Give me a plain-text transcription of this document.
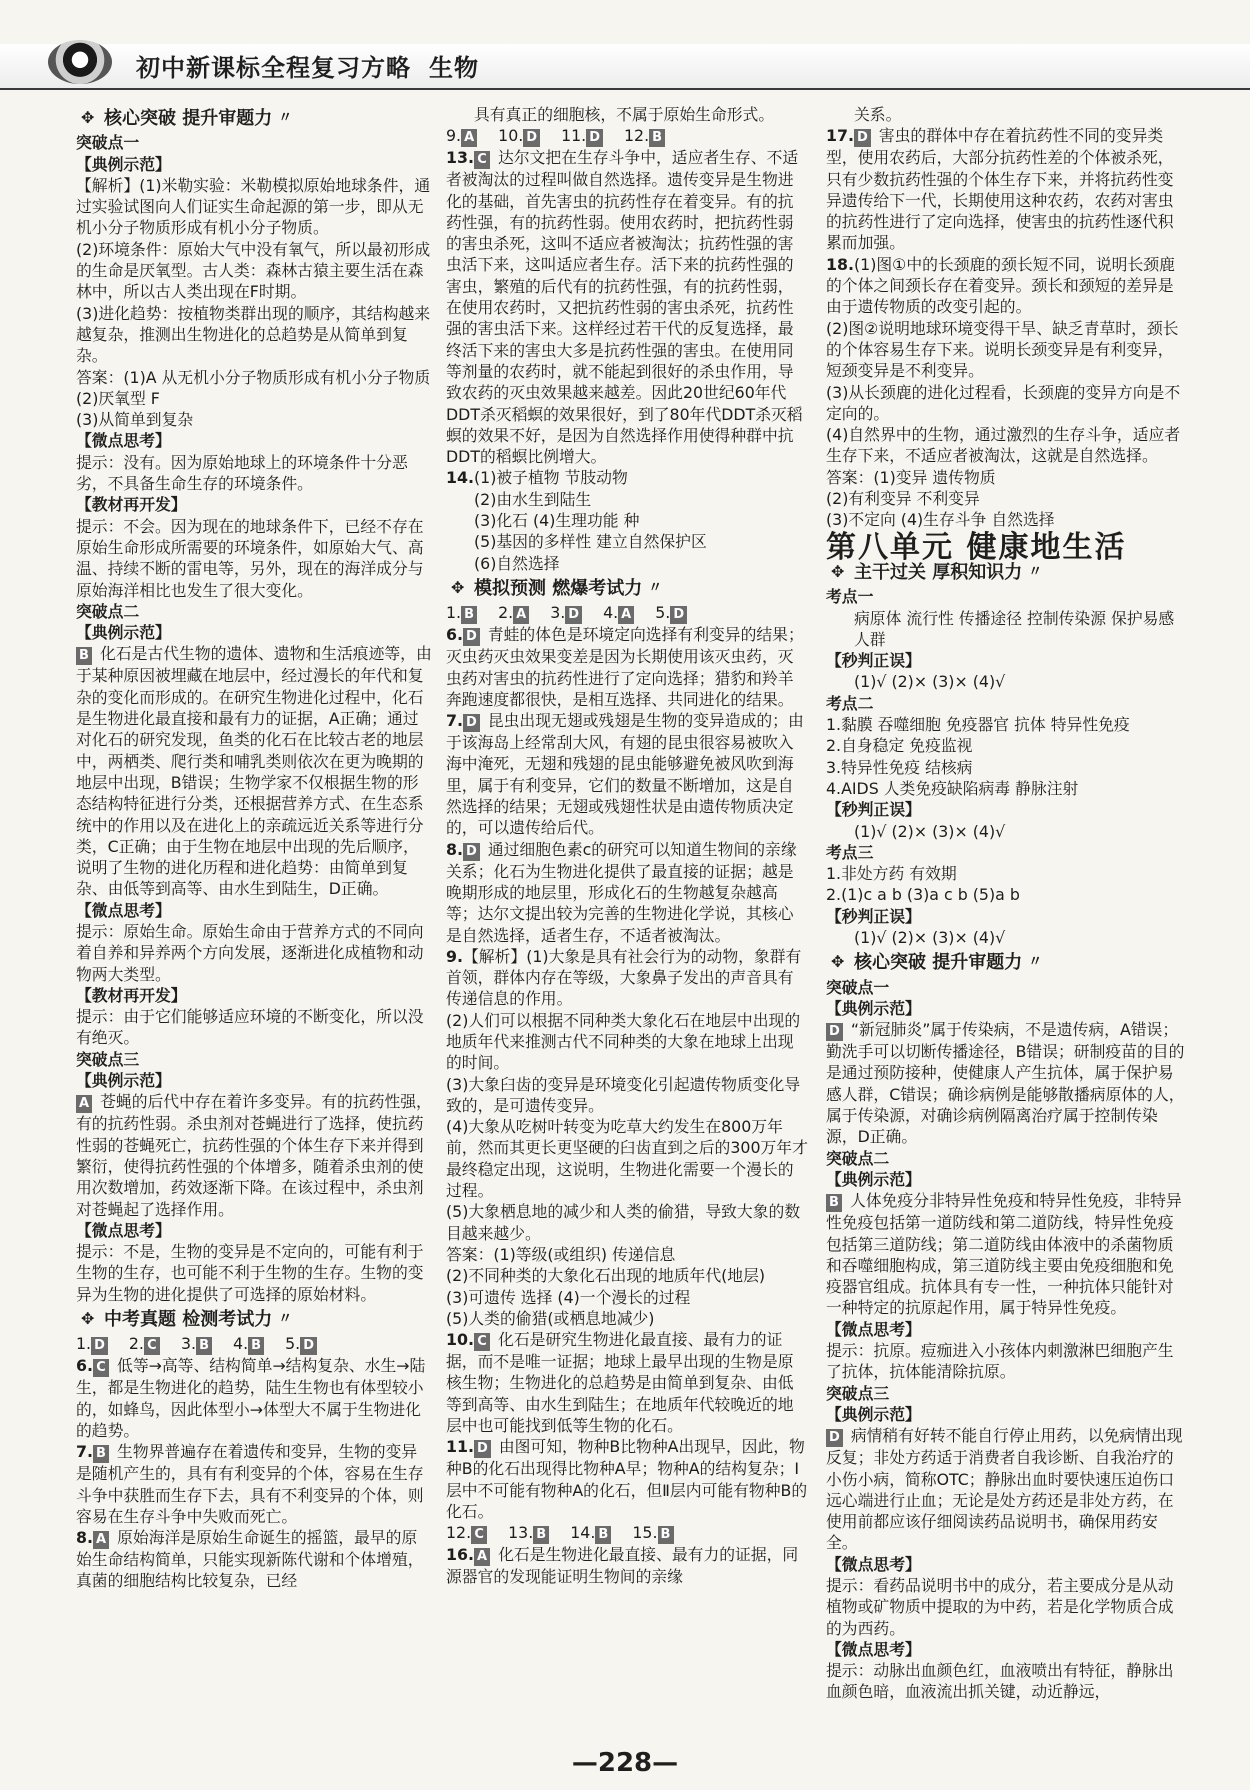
初中新课标全程复习方略 生物
✥
核心突破 提升审题力 〃
突破点一
【典例示范】
【解析】(1)米勒实验：米勒模拟原始地球条件，通过实验试图向人们证实生命起源的第一步，即从无机小分子物质形成有机小分子物质。
(2)环境条件：原始大气中没有氧气，所以最初形成的生命是厌氧型。古人类：森林古猿主要生活在森林中，所以古人类出现在F时期。
(3)进化趋势：按植物类群出现的顺序，其结构越来越复杂，推测出生物进化的总趋势是从简单到复杂。
答案：(1)A 从无机小分子物质形成有机小分子物质
(2)厌氧型 F
(3)从简单到复杂
【微点思考】
提示：没有。因为原始地球上的环境条件十分恶劣，不具备生命生存的环境条件。
【教材再开发】
提示：不会。因为现在的地球条件下，已经不存在原始生命形成所需要的环境条件，如原始大气、高温、持续不断的雷电等，另外，现在的海洋成分与原始海洋相比也发生了很大变化。
突破点二
【典例示范】
B 化石是古代生物的遗体、遗物和生活痕迹等，由于某种原因被埋藏在地层中，经过漫长的年代和复杂的变化而形成的。在研究生物进化过程中，化石是生物进化最直接和最有力的证据，A正确；通过对化石的研究发现，鱼类的化石在比较古老的地层中，两栖类、爬行类和哺乳类则依次在更为晚期的地层中出现，B错误；生物学家不仅根据生物的形态结构特征进行分类，还根据营养方式、在生态系统中的作用以及在进化上的亲疏远近关系等进行分类，C正确；由于生物在地层中出现的先后顺序，说明了生物的进化历程和进化趋势：由简单到复杂、由低等到高等、由水生到陆生，D正确。
【微点思考】
提示：原始生命。原始生命由于营养方式的不同向着自养和异养两个方向发展，逐渐进化成植物和动物两大类型。
【教材再开发】
提示：由于它们能够适应环境的不断变化，所以没有绝灭。
突破点三
【典例示范】
A 苍蝇的后代中存在着许多变异。有的抗药性强，有的抗药性弱。杀虫剂对苍蝇进行了选择，使抗药性弱的苍蝇死亡，抗药性强的个体生存下来并得到繁衍，使得抗药性强的个体增多，随着杀虫剂的使用次数增加，药效逐渐下降。在该过程中，杀虫剂对苍蝇起了选择作用。
【微点思考】
提示：不是，生物的变异是不定向的，可能有利于生物的生存，也可能不利于生物的生存。生物的变异为生物的进化提供了可选择的原始材料。
✥
中考真题 检测考试力 〃
1. D	2. C	3. B	4. B	5. D
6. C 低等→高等、结构简单→结构复杂、水生→陆生，都是生物进化的趋势，陆生生物也有体型较小的，如蜂鸟，因此体型小→体型大不属于生物进化的趋势。
7. B 生物界普遍存在着遗传和变异，生物的变异是随机产生的，具有有利变异的个体，容易在生存斗争中获胜而生存下去，具有不利变异的个体，则容易在生存斗争中失败而死亡。
8. A 原始海洋是原始生命诞生的摇篮，最早的原始生命结构简单，只能实现新陈代谢和个体增殖，真菌的细胞结构比较复杂，已经
具有真正的细胞核，不属于原始生命形式。
9. A	10. D	11. D	12. B
13. C 达尔文把在生存斗争中，适应者生存、不适者被淘汰的过程叫做自然选择。遗传变异是生物进化的基础，首先害虫的抗药性存在着变异。有的抗药性强，有的抗药性弱。使用农药时，把抗药性弱的害虫杀死，这叫不适应者被淘汰；抗药性强的害虫活下来，这叫适应者生存。活下来的抗药性强的害虫，繁殖的后代有的抗药性强，有的抗药性弱，在使用农药时，又把抗药性弱的害虫杀死，抗药性强的害虫活下来。这样经过若干代的反复选择，最终活下来的害虫大多是抗药性强的害虫。在使用同等剂量的农药时，就不能起到很好的杀虫作用，导致农药的灭虫效果越来越差。因此20世纪60年代DDT杀灭稻螟的效果很好，到了80年代DDT杀灭稻螟的效果不好，是因为自然选择作用使得种群中抗DDT的稻螟比例增大。
14.(1)被子植物 节肢动物
(2)由水生到陆生
(3)化石 (4)生理功能 种
(5)基因的多样性 建立自然保护区
(6)自然选择
✥
模拟预测 燃爆考试力 〃
1. B	2. A	3. D	4. A	5. D
6. D 青蛙的体色是环境定向选择有利变异的结果；灭虫药灭虫效果变差是因为长期使用该灭虫药，灭虫药对害虫的抗药性进行了定向选择；猎豹和羚羊奔跑速度都很快，是相互选择、共同进化的结果。
7. D 昆虫出现无翅或残翅是生物的变异造成的；由于该海岛上经常刮大风，有翅的昆虫很容易被吹入海中淹死，无翅和残翅的昆虫能够避免被风吹到海里，属于有利变异，它们的数量不断增加，这是自然选择的结果；无翅或残翅性状是由遗传物质决定的，可以遗传给后代。
8. D 通过细胞色素c的研究可以知道生物间的亲缘关系；化石为生物进化提供了最直接的证据；越是晚期形成的地层里，形成化石的生物越复杂越高等；达尔文提出较为完善的生物进化学说，其核心是自然选择，适者生存，不适者被淘汰。
9.【解析】(1)大象是具有社会行为的动物，象群有首领，群体内存在等级，大象鼻子发出的声音具有传递信息的作用。
(2)人们可以根据不同种类大象化石在地层中出现的地质年代来推测古代不同种类的大象在地球上出现的时间。
(3)大象臼齿的变异是环境变化引起遗传物质变化导致的，是可遗传变异。
(4)大象从吃树叶转变为吃草大约发生在800万年前，然而其更长更坚硬的臼齿直到之后的300万年才最终稳定出现，这说明，生物进化需要一个漫长的过程。
(5)大象栖息地的减少和人类的偷猎，导致大象的数目越来越少。
答案：(1)等级(或组织) 传递信息
(2)不同种类的大象化石出现的地质年代(地层)
(3)可遗传 选择 (4)一个漫长的过程
(5)人类的偷猎(或栖息地减少)
10. C 化石是研究生物进化最直接、最有力的证据，而不是唯一证据；地球上最早出现的生物是原核生物；生物进化的总趋势是由简单到复杂、由低等到高等、由水生到陆生；在地质年代较晚近的地层中也可能找到低等生物的化石。
11. D 由图可知，物种B比物种A出现早，因此，物种B的化石出现得比物种A早；物种A的结构复杂；Ⅰ层中不可能有物种A的化石，但Ⅱ层内可能有物种B的化石。
12. C	13. B	14. B	15. B
16. A 化石是生物进化最直接、最有力的证据，同源器官的发现能证明生物间的亲缘
关系。
17. D 害虫的群体中存在着抗药性不同的变异类型，使用农药后，大部分抗药性差的个体被杀死，只有少数抗药性强的个体生存下来，并将抗药性变异遗传给下一代，长期使用这种农药，农药对害虫的抗药性进行了定向选择，使害虫的抗药性逐代积累而加强。
18.(1)图①中的长颈鹿的颈长短不同，说明长颈鹿的个体之间颈长存在着变异。颈长和颈短的差异是由于遗传物质的改变引起的。
(2)图②说明地球环境变得干旱、缺乏青草时，颈长的个体容易生存下来。说明长颈变异是有利变异，短颈变异是不利变异。
(3)从长颈鹿的进化过程看，长颈鹿的变异方向是不定向的。
(4)自然界中的生物，通过激烈的生存斗争，适应者生存下来，不适应者被淘汰，这就是自然选择。
答案：(1)变异 遗传物质
(2)有利变异 不利变异
(3)不定向 (4)生存斗争 自然选择
第八单元 健康地生活
✥
主干过关 厚积知识力 〃
考点一
病原体 流行性 传播途径 控制传染源 保护易感人群
【秒判正误】
(1)√ (2)× (3)× (4)√
考点二
1.黏膜 吞噬细胞 免疫器官 抗体 特异性免疫
2.自身稳定 免疫监视
3.特异性免疫 结核病
4.AIDS 人类免疫缺陷病毒 静脉注射
【秒判正误】
(1)√ (2)× (3)× (4)√
考点三
1.非处方药 有效期
2.(1)c a b (3)a c b (5)a b
【秒判正误】
(1)√ (2)× (3)× (4)√
✥
核心突破 提升审题力 〃
突破点一
【典例示范】
D “新冠肺炎”属于传染病，不是遗传病，A错误；勤洗手可以切断传播途径，B错误；研制疫苗的目的是通过预防接种，使健康人产生抗体，属于保护易感人群，C错误；确诊病例是能够散播病原体的人，属于传染源，对确诊病例隔离治疗属于控制传染源，D正确。
突破点二
【典例示范】
B 人体免疫分非特异性免疫和特异性免疫，非特异性免疫包括第一道防线和第二道防线，特异性免疫包括第三道防线；第二道防线由体液中的杀菌物质和吞噬细胞构成，第三道防线主要由免疫细胞和免疫器官组成。抗体具有专一性，一种抗体只能针对一种特定的抗原起作用，属于特异性免疫。
【微点思考】
提示：抗原。痘痂进入小孩体内刺激淋巴细胞产生了抗体，抗体能清除抗原。
突破点三
【典例示范】
D 病情稍有好转不能自行停止用药，以免病情出现反复；非处方药适于消费者自我诊断、自我治疗的小伤小病，简称OTC；静脉出血时要快速压迫伤口远心端进行止血；无论是处方药还是非处方药，在使用前都应该仔细阅读药品说明书，确保用药安全。
【微点思考】
提示：看药品说明书中的成分，若主要成分是从动植物或矿物质中提取的为中药，若是化学物质合成的为西药。
【微点思考】
提示：动脉出血颜色红，血液喷出有特征，静脉出血颜色暗，血液流出抓关键，动近静远，
—228—
